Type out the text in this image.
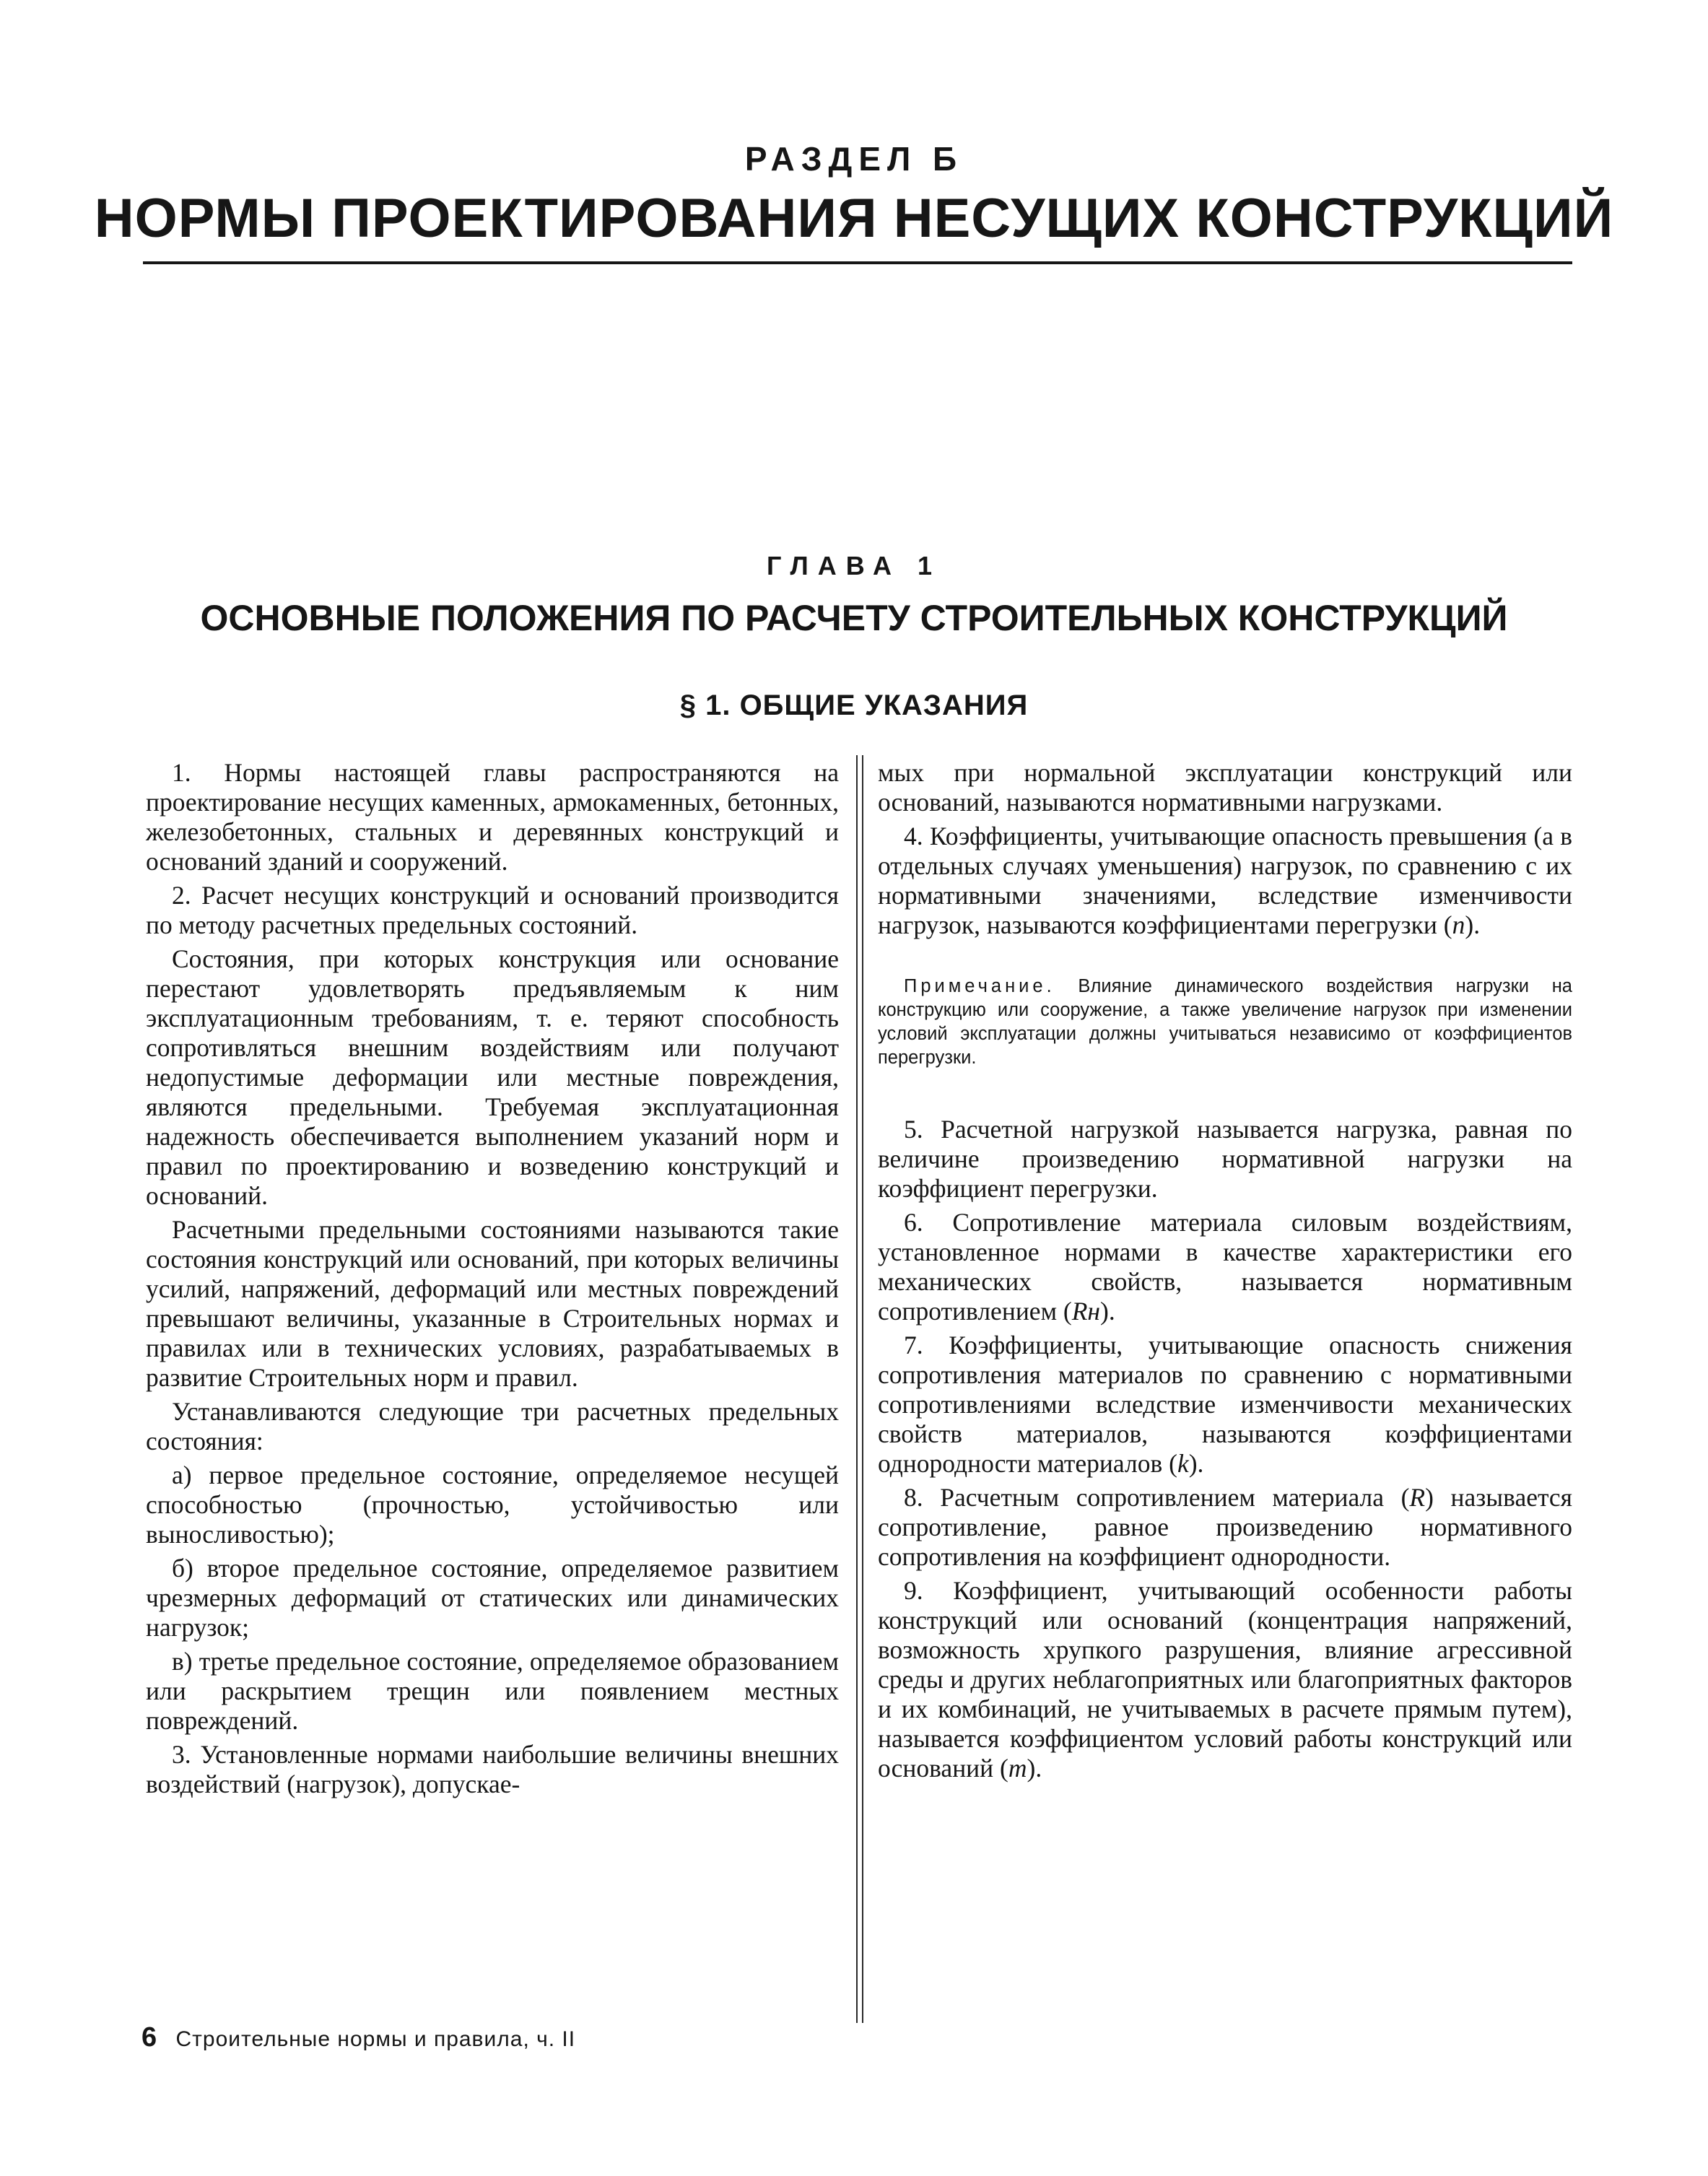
РАЗДЕЛ Б
НОРМЫ ПРОЕКТИРОВАНИЯ НЕСУЩИХ КОНСТРУКЦИЙ
ГЛАВА 1
ОСНОВНЫЕ ПОЛОЖЕНИЯ ПО РАСЧЕТУ СТРОИТЕЛЬНЫХ КОНСТРУКЦИЙ
§ 1. ОБЩИЕ УКАЗАНИЯ

1. Нормы настоящей главы распространяются на проектирование несущих каменных, армокаменных, бетонных, железобетонных, стальных и деревянных конструкций и оснований зданий и сооружений.

2. Расчет несущих конструкций и оснований производится по методу расчетных предельных состояний.

Состояния, при которых конструкция или основание перестают удовлетворять предъявляемым к ним эксплуатационным требованиям, т. е. теряют способность сопротивляться внешним воздействиям или получают недопустимые деформации или местные повреждения, являются предельными. Требуемая эксплуатационная надежность обеспечивается выполнением указаний норм и правил по проектированию и возведению конструкций и оснований.

Расчетными предельными состояниями называются такие состояния конструкций или оснований, при которых величины усилий, напряжений, деформаций или местных повреждений превышают величины, указанные в Строительных нормах и правилах или в технических условиях, разрабатываемых в развитие Строительных норм и правил.

Устанавливаются следующие три расчетных предельных состояния:

а) первое предельное состояние, определяемое несущей способностью (прочностью, устойчивостью или выносливостью);

б) второе предельное состояние, определяемое развитием чрезмерных деформаций от статических или динамических нагрузок;

в) третье предельное состояние, определяемое образованием или раскрытием трещин или появлением местных повреждений.

3. Установленные нормами наибольшие величины внешних воздействий (нагрузок), допускае-

мых при нормальной эксплуатации конструкций или оснований, называются нормативными нагрузками.

4. Коэффициенты, учитывающие опасность превышения (а в отдельных случаях уменьшения) нагрузок, по сравнению с их нормативными значениями, вследствие изменчивости нагрузок, называются коэффициентами перегрузки (n).

Примечание. Влияние динамического воздействия нагрузки на конструкцию или сооружение, а также увеличение нагрузок при изменении условий эксплуатации должны учитываться независимо от коэффициентов перегрузки.

5. Расчетной нагрузкой называется нагрузка, равная по величине произведению нормативной нагрузки на коэффициент перегрузки.

6. Сопротивление материала силовым воздействиям, установленное нормами в качестве характеристики его механических свойств, называется нормативным сопротивлением (Rн).

7. Коэффициенты, учитывающие опасность снижения сопротивления материалов по сравнению с нормативными сопротивлениями вследствие изменчивости механических свойств материалов, называются коэффициентами однородности материалов (k).

8. Расчетным сопротивлением материала (R) называется сопротивление, равное произведению нормативного сопротивления на коэффициент однородности.

9. Коэффициент, учитывающий особенности работы конструкций или оснований (концентрация напряжений, возможность хрупкого разрушения, влияние агрессивной среды и других неблагоприятных или благоприятных факторов и их комбинаций, не учитываемых в расчете прямым путем), называется коэффициентом условий работы конструкций или оснований (m).

6 Строительные нормы и правила, ч. II
